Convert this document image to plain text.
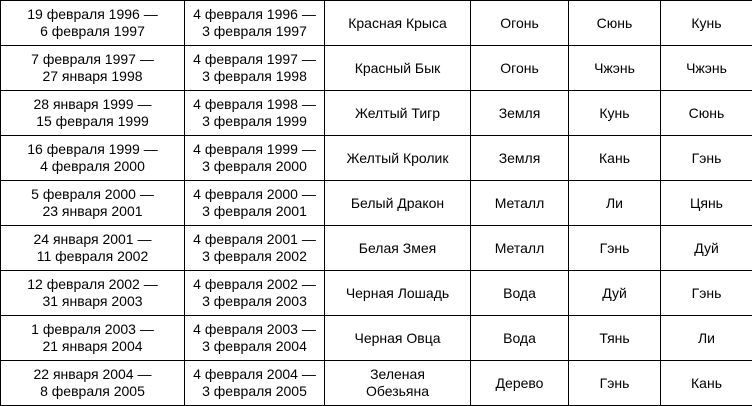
19 февраля 1996 —
6 февраля 1997	4 февраля 1996 —
3 февраля 1997	Красная Крыса	Огонь	Сюнь	Кунь

7 февраля 1997 —
27 января 1998	4 февраля 1997 —
3 февраля 1998	Красный Бык	Огонь	Чжэнь	Чжэнь

28 января 1999 —
15 февраля 1999	4 февраля 1998 —
3 февраля 1999	Желтый Тигр	Земля	Кунь	Сюнь

16 февраля 1999 —
4 февраля 2000	4 февраля 1999 —
3 февраля 2000	Желтый Кролик	Земля	Кань	Гэнь

5 февраля 2000 —
23 января 2001	4 февраля 2000 —
3 февраля 2001	Белый Дракон	Металл	Ли	Цянь

24 января 2001 —
11 февраля 2002	4 февраля 2001 —
3 февраля 2002	Белая Змея	Металл	Гэнь	Дуй

12 февраля 2002 —
31 января 2003	4 февраля 2002 —
3 февраля 2003	Черная Лошадь	Вода	Дуй	Гэнь

1 февраля 2003 —
21 января 2004	4 февраля 2003 —
3 февраля 2004	Черная Овца	Вода	Тянь	Ли

22 января 2004 —
8 февраля 2005	4 февраля 2004 —
3 февраля 2005	Зеленая
Обезьяна	Дерево	Гэнь	Кань
